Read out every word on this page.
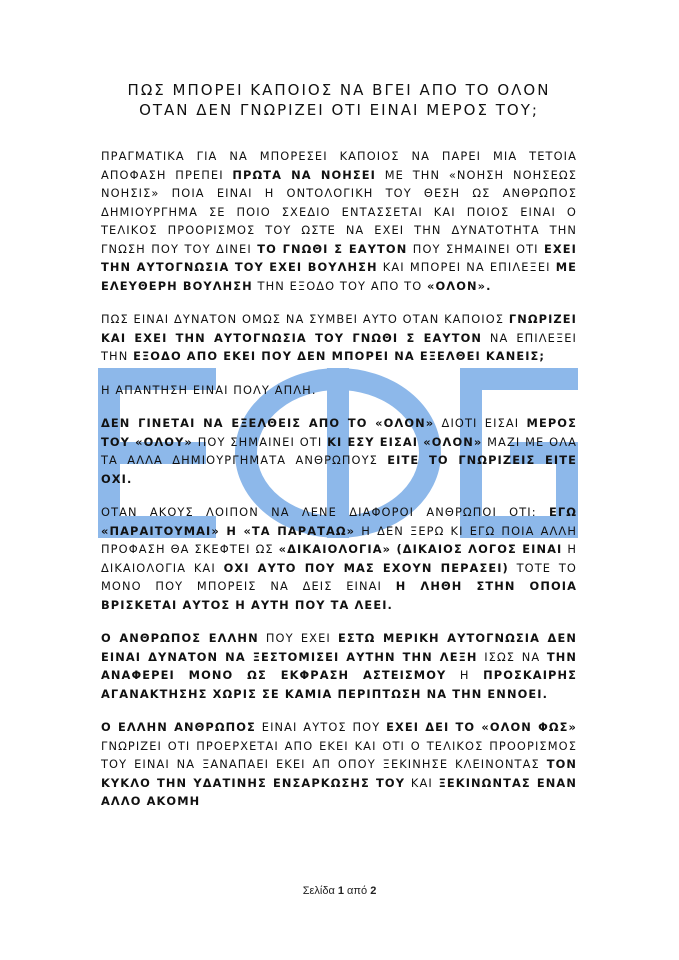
ΠΩΣ ΜΠΟΡΕΙ ΚΑΠΟΙΟΣ ΝΑ ΒΓΕΙ ΑΠΟ ΤΟ ΟΛΟΝ
ΟΤΑΝ ΔΕΝ ΓΝΩΡΙΖΕΙ ΟΤΙ ΕΙΝΑΙ ΜΕΡΟΣ ΤΟΥ;

ΠΡΑΓΜΑΤΙΚΑ ΓΙΑ ΝΑ ΜΠΟΡΕΣΕΙ ΚΑΠΟΙΟΣ ΝΑ ΠΑΡΕΙ ΜΙΑ ΤΕΤΟΙΑ ΑΠΟΦΑΣΗ ΠΡΕΠΕΙ ΠΡΩΤΑ ΝΑ ΝΟΗΣΕΙ ΜΕ ΤΗΝ «ΝΟΗΣΗ ΝΟΗΣΕΩΣ ΝΟΗΣΙΣ» ΠΟΙΑ ΕΙΝΑΙ Η ΟΝΤΟΛΟΓΙΚΗ ΤΟΥ ΘΕΣΗ ΩΣ ΑΝΘΡΩΠΟΣ ΔΗΜΙΟΥΡΓΗΜΑ ΣΕ ΠΟΙΟ ΣΧΕΔΙΟ ΕΝΤΑΣΣΕΤΑΙ ΚΑΙ ΠΟΙΟΣ ΕΙΝΑΙ Ο ΤΕΛΙΚΟΣ ΠΡΟΟΡΙΣΜΟΣ ΤΟΥ ΩΣΤΕ ΝΑ ΕΧΕΙ ΤΗΝ ΔΥΝΑΤΟΤΗΤΑ ΤΗΝ ΓΝΩΣΗ ΠΟΥ ΤΟΥ ΔΙΝΕΙ ΤΟ ΓΝΩΘΙ Σ ΕΑΥΤΟΝ ΠΟΥ ΣΗΜΑΙΝΕΙ ΟΤΙ ΕΧΕΙ ΤΗΝ ΑΥΤΟΓΝΩΣΙΑ ΤΟΥ ΕΧΕΙ ΒΟΥΛΗΣΗ ΚΑΙ ΜΠΟΡΕΙ ΝΑ ΕΠΙΛΕΞΕΙ ΜΕ ΕΛΕΥΘΕΡΗ ΒΟΥΛΗΣΗ ΤΗΝ ΕΞΟΔΟ ΤΟΥ ΑΠΟ ΤΟ «ΟΛΟΝ».

ΠΩΣ ΕΙΝΑΙ ΔΥΝΑΤΟΝ ΟΜΩΣ ΝΑ ΣΥΜΒΕΙ ΑΥΤΟ ΟΤΑΝ ΚΑΠΟΙΟΣ ΓΝΩΡΙΖΕΙ ΚΑΙ ΕΧΕΙ ΤΗΝ ΑΥΤΟΓΝΩΣΙΑ ΤΟΥ ΓΝΩΘΙ Σ ΕΑΥΤΟΝ ΝΑ ΕΠΙΛΕΞΕΙ ΤΗΝ ΕΞΟΔΟ ΑΠΟ ΕΚΕΙ ΠΟΥ ΔΕΝ ΜΠΟΡΕΙ ΝΑ ΕΞΕΛΘΕΙ ΚΑΝΕΙΣ;

Η ΑΠΑΝΤΗΣΗ ΕΙΝΑΙ ΠΟΛΥ ΑΠΛΗ.

ΔΕΝ ΓΙΝΕΤΑΙ ΝΑ ΕΞΕΛΘΕΙΣ ΑΠΟ ΤΟ «ΟΛΟΝ» ΔΙΟΤΙ ΕΙΣΑΙ ΜΕΡΟΣ ΤΟΥ «ΟΛΟΥ» ΠΟΥ ΣΗΜΑΙΝΕΙ ΟΤΙ ΚΙ ΕΣΥ ΕΙΣΑΙ «ΟΛΟΝ» ΜΑΖΙ ΜΕ ΟΛΑ ΤΑ ΑΛΛΑ ΔΗΜΙΟΥΡΓΗΜΑΤΑ ΑΝΘΡΩΠΟΥΣ ΕΙΤΕ ΤΟ ΓΝΩΡΙΖΕΙΣ ΕΙΤΕ ΟΧΙ.

ΟΤΑΝ ΑΚΟΥΣ ΛΟΙΠΟΝ ΝΑ ΛΕΝΕ ΔΙΑΦΟΡΟΙ ΑΝΘΡΩΠΟΙ ΟΤΙ: ΕΓΩ «ΠΑΡΑΙΤΟΥΜΑΙ» Η «ΤΑ ΠΑΡΑΤΑΩ» Η ΔΕΝ ΞΕΡΩ ΚΙ ΕΓΩ ΠΟΙΑ ΑΛΛΗ ΠΡΟΦΑΣΗ ΘΑ ΣΚΕΦΤΕΙ ΩΣ «ΔΙΚΑΙΟΛΟΓΙΑ» (ΔΙΚΑΙΟΣ ΛΟΓΟΣ ΕΙΝΑΙ Η ΔΙΚΑΙΟΛΟΓΙΑ ΚΑΙ ΟΧΙ ΑΥΤΟ ΠΟΥ ΜΑΣ ΕΧΟΥΝ ΠΕΡΑΣΕΙ) ΤΟΤΕ ΤΟ ΜΟΝΟ ΠΟΥ ΜΠΟΡΕΙΣ ΝΑ ΔΕΙΣ ΕΙΝΑΙ Η ΛΗΘΗ ΣΤΗΝ ΟΠΟΙΑ ΒΡΙΣΚΕΤΑΙ ΑΥΤΟΣ Η ΑΥΤΗ ΠΟΥ ΤΑ ΛΕΕΙ.

Ο ΑΝΘΡΩΠΟΣ ΕΛΛΗΝ ΠΟΥ ΕΧΕΙ ΕΣΤΩ ΜΕΡΙΚΗ ΑΥΤΟΓΝΩΣΙΑ ΔΕΝ ΕΙΝΑΙ ΔΥΝΑΤΟΝ ΝΑ ΞΕΣΤΟΜΙΣΕΙ ΑΥΤΗΝ ΤΗΝ ΛΕΞΗ ΙΣΩΣ ΝΑ ΤΗΝ ΑΝΑΦΕΡΕΙ ΜΟΝΟ ΩΣ ΕΚΦΡΑΣΗ ΑΣΤΕΙΣΜΟΥ Η ΠΡΟΣΚΑΙΡΗΣ ΑΓΑΝΑΚΤΗΣΗΣ ΧΩΡΙΣ ΣΕ ΚΑΜΙΑ ΠΕΡΙΠΤΩΣΗ ΝΑ ΤΗΝ ΕΝΝΟΕΙ.

Ο ΕΛΛΗΝ ΑΝΘΡΩΠΟΣ ΕΙΝΑΙ ΑΥΤΟΣ ΠΟΥ ΕΧΕΙ ΔΕΙ ΤΟ «ΟΛΟΝ ΦΩΣ» ΓΝΩΡΙΖΕΙ ΟΤΙ ΠΡΟΕΡΧΕΤΑΙ ΑΠΟ ΕΚΕΙ ΚΑΙ ΟΤΙ Ο ΤΕΛΙΚΟΣ ΠΡΟΟΡΙΣΜΟΣ ΤΟΥ ΕΙΝΑΙ ΝΑ ΞΑΝΑΠΑΕΙ ΕΚΕΙ ΑΠ ΟΠΟΥ ΞΕΚΙΝΗΣΕ ΚΛΕΙΝΟΝΤΑΣ ΤΟΝ ΚΥΚΛΟ ΤΗΝ ΥΔΑΤΙΝΗΣ ΕΝΣΑΡΚΩΣΗΣ ΤΟΥ ΚΑΙ ΞΕΚΙΝΩΝΤΑΣ ΕΝΑΝ ΑΛΛΟ ΑΚΟΜΗ

Σελίδα 1 από 2
